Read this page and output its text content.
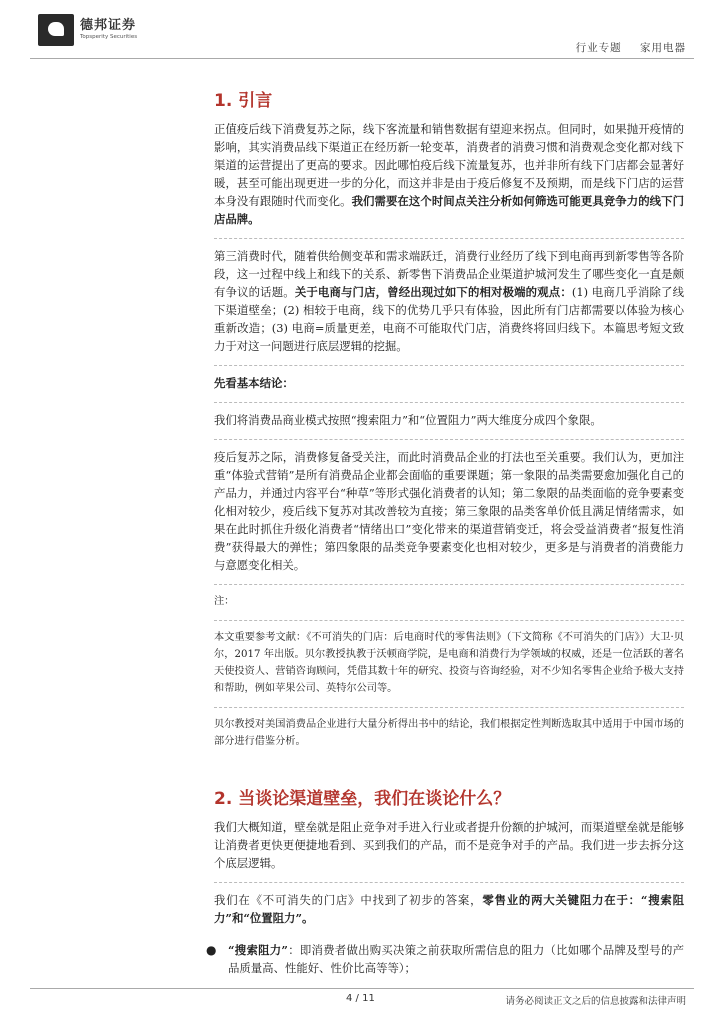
德邦证券
Topsperity Securities
行业专题 家用电器
1. 引言

正值疫后线下消费复苏之际，线下客流量和销售数据有望迎来拐点。但同时，如果抛开疫情的影响，其实消费品线下渠道正在经历新一轮变革，消费者的消费习惯和消费观念变化都对线下渠道的运营提出了更高的要求。因此哪怕疫后线下流量复苏，也并非所有线下门店都会显著好暖，甚至可能出现更进一步的分化，而这并非是由于疫后修复不及预期，而是线下门店的运营本身没有跟随时代而变化。我们需要在这个时间点关注分析如何筛选可能更具竞争力的线下门店品牌。

第三消费时代，随着供给侧变革和需求端跃迁，消费行业经历了线下到电商再到新零售等各阶段，这一过程中线上和线下的关系、新零售下消费品企业渠道护城河发生了哪些变化一直是颇有争议的话题。关于电商与门店，曾经出现过如下的相对极端的观点：(1) 电商几乎消除了线下渠道壁垒；(2) 相较于电商，线下的优势几乎只有体验，因此所有门店都需要以体验为核心重新改造；(3) 电商=质量更差，电商不可能取代门店，消费终将回归线下。本篇思考短文致力于对这一问题进行底层逻辑的挖掘。

先看基本结论：

我们将消费品商业模式按照“搜索阻力”和“位置阻力”两大维度分成四个象限。

疫后复苏之际，消费修复备受关注，而此时消费品企业的打法也至关重要。我们认为，更加注重“体验式营销”是所有消费品企业都会面临的重要课题；第一象限的品类需要愈加强化自己的产品力，并通过内容平台“种草”等形式强化消费者的认知；第二象限的品类面临的竞争要素变化相对较少，疫后线下复苏对其改善较为直接；第三象限的品类客单价低且满足情绪需求，如果在此时抓住升级化消费者“情绪出口”变化带来的渠道营销变迁，将会受益消费者“报复性消费”获得最大的弹性；第四象限的品类竞争要素变化也相对较少，更多是与消费者的消费能力与意愿变化相关。

注：

本文重要参考文献：《不可消失的门店：后电商时代的零售法则》（下文简称《不可消失的门店》）大卫·贝尔，2017 年出版。贝尔教授执教于沃顿商学院，是电商和消费行为学领域的权威，还是一位活跃的著名天使投资人、营销咨询顾问，凭借其数十年的研究、投资与咨询经验，对不少知名零售企业给予极大支持和帮助，例如苹果公司、英特尔公司等。

贝尔教授对美国消费品企业进行大量分析得出书中的结论，我们根据定性判断选取其中适用于中国市场的部分进行借鉴分析。

2. 当谈论渠道壁垒，我们在谈论什么？

我们大概知道，壁垒就是阻止竞争对手进入行业或者提升份额的护城河，而渠道壁垒就是能够让消费者更快更便捷地看到、买到我们的产品，而不是竞争对手的产品。我们进一步去拆分这个底层逻辑。

我们在《不可消失的门店》中找到了初步的答案，零售业的两大关键阻力在于：“搜索阻力”和“位置阻力”。

●	“搜索阻力”：即消费者做出购买决策之前获取所需信息的阻力（比如哪个品牌及型号的产品质量高、性能好、性价比高等等）；

4 / 11	请务必阅读正文之后的信息披露和法律声明
